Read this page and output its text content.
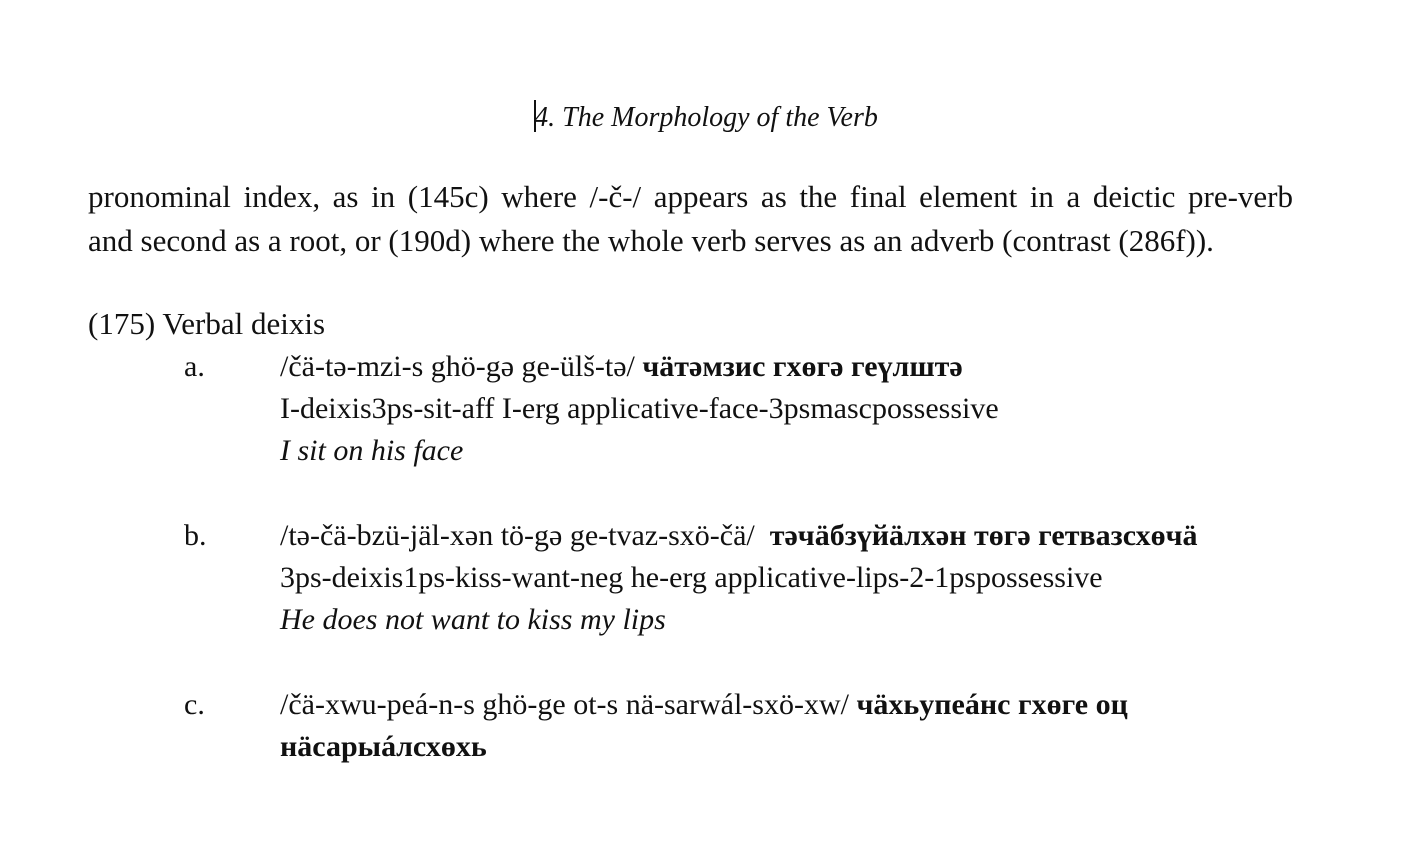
4. The Morphology of the Verb
pronominal index, as in (145c) where /-č-/ appears as the final element in a deictic pre-verb
and second as a root, or (190d) where the whole verb serves as an adverb (contrast (286f)).
(175) Verbal deixis
a.	/čä-tə-mzi-s ghö-gə ge-ülš-tə/ чäтəмзис гхөгə геүлштə
I-deixis3ps-sit-aff I-erg applicative-face-3psmascpossessive
I sit on his face
b. /tə-čä-bzü-jäl-xən tö-gə ge-tvaz-sxö-čä/ тəчäбзүйäлхəн төгə гетвазсхөчä
3ps-deixis1ps-kiss-want-neg he-erg applicative-lips-2-1pspossessive
He does not want to kiss my lips
c.	/čä-xwu-peá-n-s ghö-ge ot-s nä-sarwál-sxö-xw/ чäхьупеáнс гхөге оц
нäсарыáлсхөхь
